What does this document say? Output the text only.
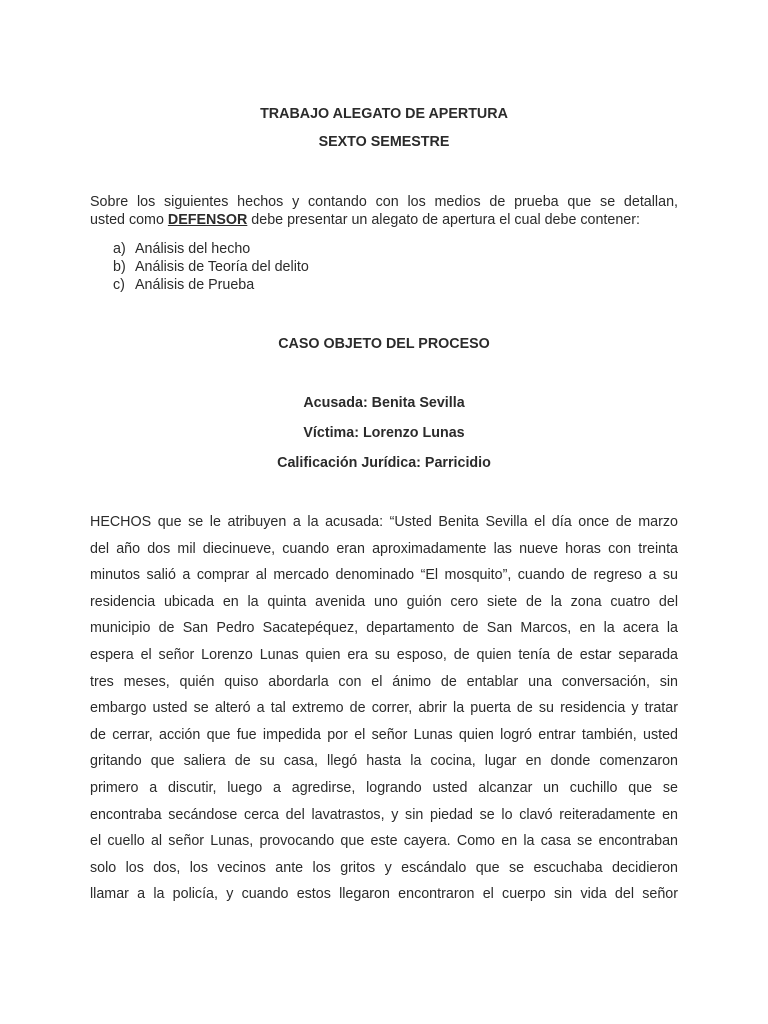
TRABAJO ALEGATO DE APERTURA
SEXTO SEMESTRE
Sobre los siguientes hechos y contando con los medios de prueba que se detallan,
usted como DEFENSOR debe presentar un alegato de apertura el cual debe contener:
a) Análisis del hecho
b) Análisis de Teoría del delito
c) Análisis de Prueba
CASO OBJETO DEL PROCESO
Acusada: Benita Sevilla
Víctima: Lorenzo Lunas
Calificación Jurídica: Parricidio
HECHOS que se le atribuyen a la acusada: “Usted Benita Sevilla el día once de marzo
del año dos mil diecinueve, cuando eran aproximadamente las nueve horas con treinta
minutos salió a comprar al mercado denominado “El mosquito”, cuando de regreso a su
residencia ubicada en la quinta avenida uno guión cero siete de la zona cuatro del
municipio de San Pedro Sacatepéquez, departamento de San Marcos, en la acera la
espera el señor Lorenzo Lunas quien era su esposo, de quien tenía de estar separada
tres meses, quién quiso abordarla con el ánimo de entablar una conversación, sin
embargo usted se alteró a tal extremo de correr, abrir la puerta de su residencia y tratar
de cerrar, acción que fue impedida por el señor Lunas quien logró entrar también, usted
gritando que saliera de su casa, llegó hasta la cocina, lugar en donde comenzaron
primero a discutir, luego a agredirse, logrando usted alcanzar un cuchillo que se
encontraba secándose cerca del lavatrastos, y sin piedad se lo clavó reiteradamente en
el cuello al señor Lunas, provocando que este cayera. Como en la casa se encontraban
solo los dos, los vecinos ante los gritos y escándalo que se escuchaba decidieron
llamar a la policía, y cuando estos llegaron encontraron el cuerpo sin vida del señor
